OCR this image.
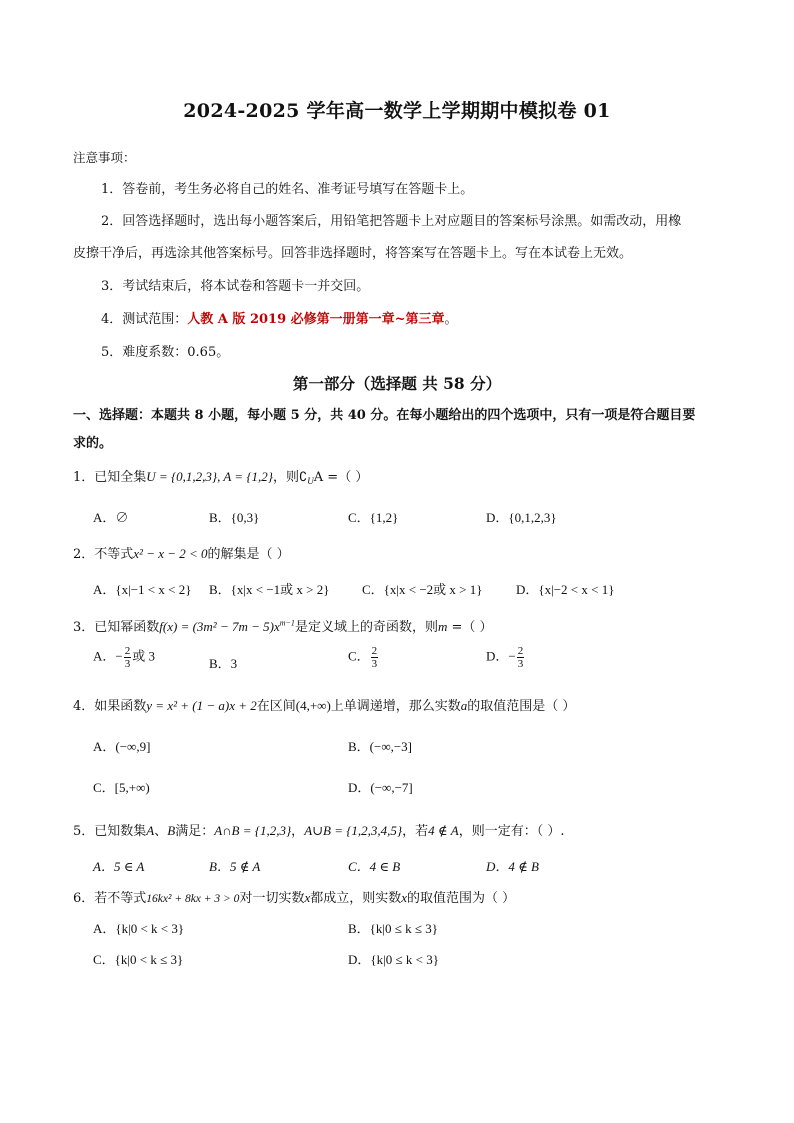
2024-2025 学年高一数学上学期期中模拟卷 01
注意事项：
1．答卷前，考生务必将自己的姓名、准考证号填写在答题卡上。
2．回答选择题时，选出每小题答案后，用铅笔把答题卡上对应题目的答案标号涂黑。如需改动，用橡
皮擦干净后，再选涂其他答案标号。回答非选择题时，将答案写在答题卡上。写在本试卷上无效。
3．考试结束后，将本试卷和答题卡一并交回。
4．测试范围：人教 A 版 2019 必修第一册第一章~第三章。
5．难度系数：0.65。
第一部分（选择题 共 58 分）
一、选择题：本题共 8 小题，每小题 5 分，共 40 分。在每小题给出的四个选项中，只有一项是符合题目要
求的。
1．已知全集U = {0,1,2,3}, A = {1,2}，则$∁_UA$ =（ ）
A．∅	B．{0,3}	C．{1,2}	D．{0,1,2,3}
2．不等式x² − x − 2 < 0的解集是（ ）
A．{x|−1 < x < 2} B．{x|x < −1或 x > 2}	C．{x|x < −2或 x > 1}	D．{x|−2 < x < 1}
3．已知幂函数$f(x) = (3m^2 - 7m - 5)x^{m-1}$是定义域上的奇函数，则m =（ ）
A．− $\frac{2}{3}$ 或 3
B．3
C． $\frac{2}{3}$	D．− $\frac{2}{3}$
4．如果函数y = x² + (1 − a)x + 2在区间(4,+∞)上单调递增，那么实数a的取值范围是（ ）
A．(−∞,9]	B．(−∞,−3]
C．[5,+∞)	D．(−∞,−7]
5．已知数集A、B满足：A∩B = {1,2,3}，A∪B = {1,2,3,4,5}，若4 ∉ A，则一定有：（ ）.
A．5 ∈ A	B．5 ∉ A	C．4 ∈ B	D．4 ∉ B
6．若不等式16kx² + 8kx + 3 > 0对一切实数x都成立，则实数x的取值范围为（ ）
A．{k|0 < k < 3}	B．{k|0 ≤ k ≤ 3}
C．{k|0 < k ≤ 3}	D．{k|0 ≤ k < 3}
